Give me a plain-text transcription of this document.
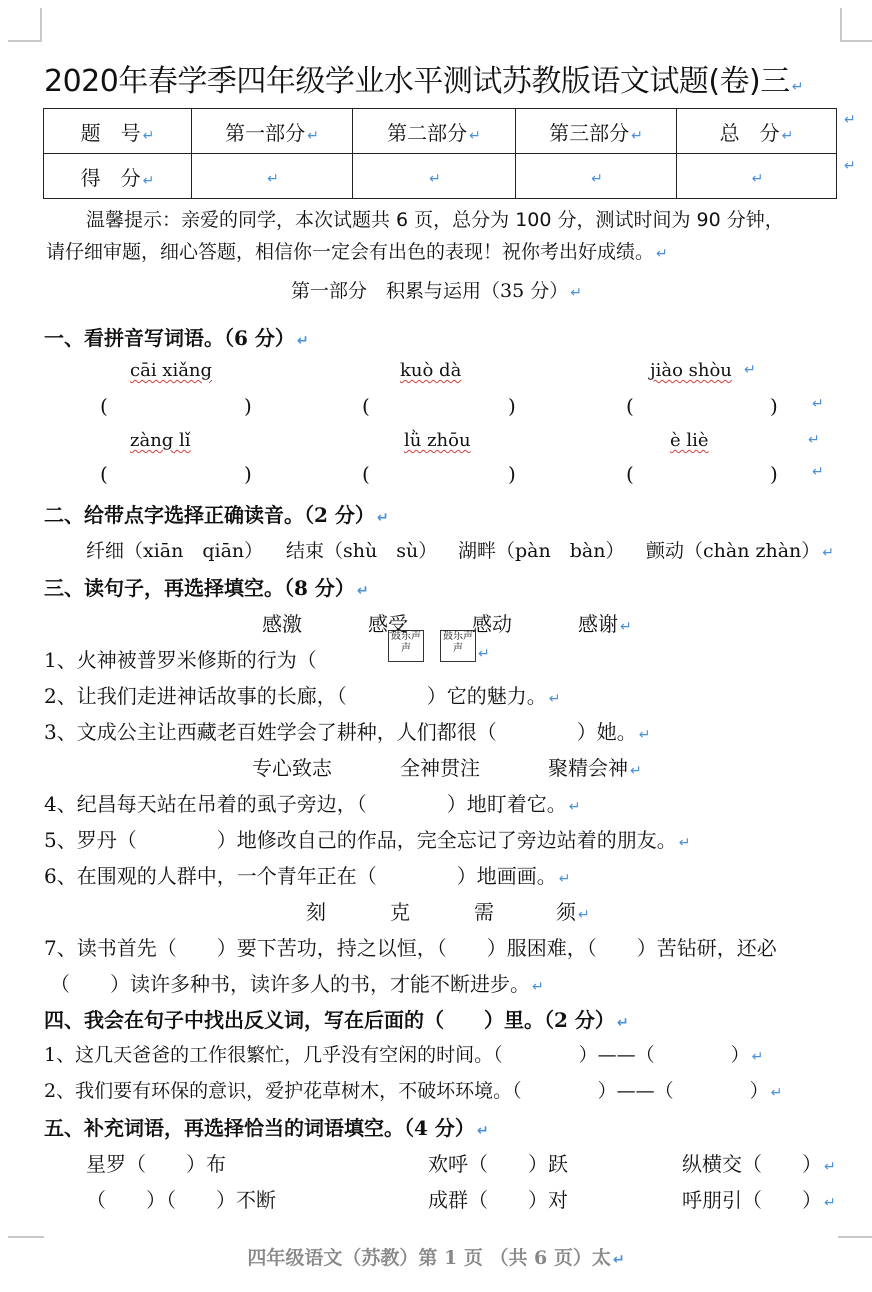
2020年春学季四年级学业水平测试苏教版语文试题(卷)三 ↵
题　号 ↵	第一部分 ↵	第二部分 ↵	第三部分 ↵	总　分 ↵
得　分 ↵	↵	↵	↵	↵
↵
↵
温馨提示：亲爱的同学，本次试题共 6 页，总分为 100 分，测试时间为 90 分钟，
请仔细审题，细心答题，相信你一定会有出色的表现！祝你考出好成绩。 ↵
第一部分　积累与运用（35 分） ↵
一、看拼音写词语。（6 分） ↵
cāi xiǎng	kuò dà	jiào shòu ↵
(	)	(	)	(	) ↵
zàng lǐ	lǜ zhōu	è liè	↵
(	)	(	)	(	) ↵
二、给带点字选择正确读音。（2 分） ↵
纤细（xiān　qiān） 结束（shù　sù） 湖畔（pàn　bàn） 颤动（chàn zhàn） ↵
三、读句子，再选择填空。（8 分） ↵
感激	感受	感动	感谢 ↵
1、火神被普罗米修斯的行为（
鼓乐声声
鼓乐声声	↵
2、让我们走进神话故事的长廊，（　　　　）它的魅力。 ↵
3、文成公主让西藏老百姓学会了耕种，人们都很（　　　　）她。 ↵
专心致志	全神贯注	聚精会神 ↵
4、纪昌每天站在吊着的虱子旁边，（　　　　）地盯着它。 ↵
5、罗丹（　　　　）地修改自己的作品，完全忘记了旁边站着的朋友。 ↵
6、在围观的人群中，一个青年正在（　　　　）地画画。 ↵
刻	克	需	须 ↵
7、读书首先（　　）要下苦功，持之以恒，（　　）服困难，（　　）苦钻研，还必
（　　）读许多种书，读许多人的书，才能不断进步。 ↵
四、我会在句子中找出反义词，写在后面的（　　）里。（2 分） ↵
1、这几天爸爸的工作很繁忙，几乎没有空闲的时间。（　　　　）——（　　　　） ↵
2、我们要有环保的意识，爱护花草树木，不破坏环境。（　　　　）——（　　　　） ↵
五、补充词语，再选择恰当的词语填空。（4 分） ↵
星罗（　　）布	欢呼（　　）跃	纵横交（　　） ↵
（　　）（　　）不断	成群（　　）对	呼朋引（　　） ↵
四年级语文（苏教）第 1 页 （共 6 页）太 ↵
